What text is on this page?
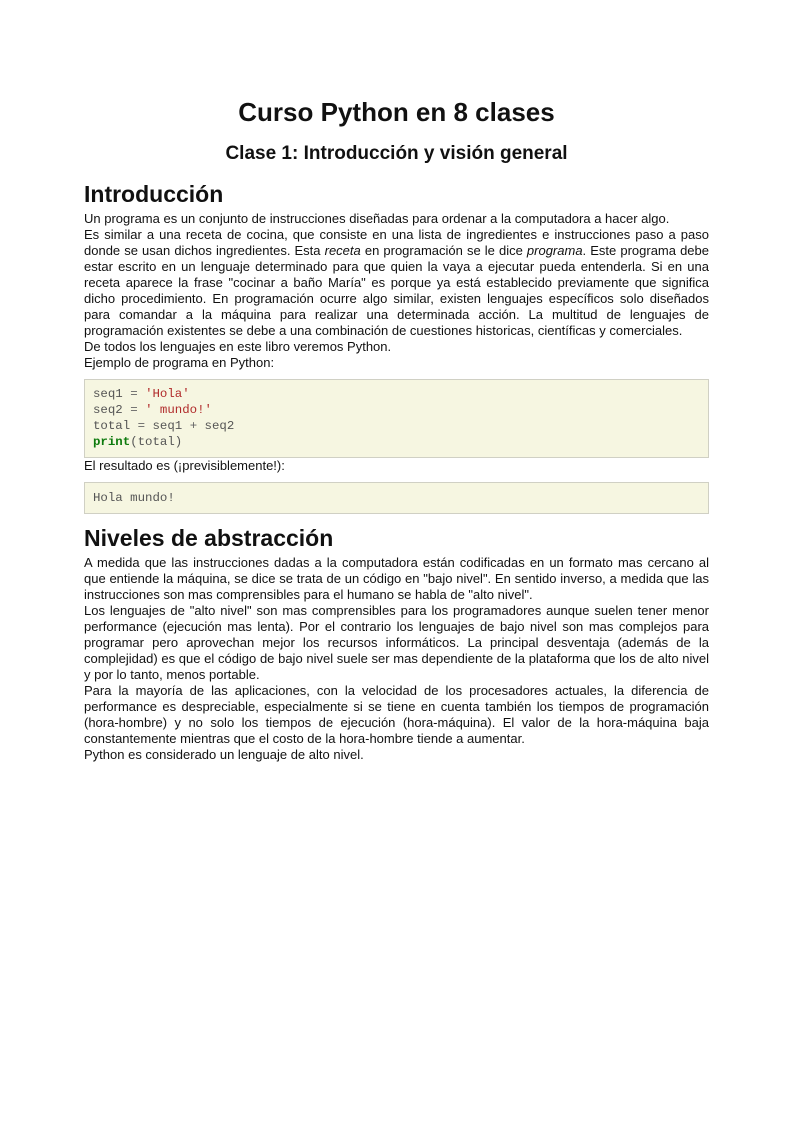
Curso Python en 8 clases
Clase 1: Introducción y visión general
Introducción

Un programa es un conjunto de instrucciones diseñadas para ordenar a la computadora a hacer algo.

Es similar a una receta de cocina, que consiste en una lista de ingredientes e instrucciones paso a paso donde se usan dichos ingredientes. Esta receta en programación se le dice programa. Este programa debe estar escrito en un lenguaje determinado para que quien la vaya a ejecutar pueda entenderla. Si en una receta aparece la frase "cocinar a baño María" es porque ya está establecido previamente que significa dicho procedimiento. En programación ocurre algo similar, existen lenguajes específicos solo diseñados para comandar a la máquina para realizar una determinada acción. La multitud de lenguajes de programación existentes se debe a una combinación de cuestiones historicas, científicas y comerciales.

De todos los lenguajes en este libro veremos Python.

Ejemplo de programa en Python:

seq1 = 'Hola'
seq2 = ' mundo!'
total = seq1 + seq2
print(total)

El resultado es (¡previsiblemente!):

Hola mundo!
Niveles de abstracción

A medida que las instrucciones dadas a la computadora están codificadas en un formato mas cercano al que entiende la máquina, se dice se trata de un código en "bajo nivel". En sentido inverso, a medida que las instrucciones son mas comprensibles para el humano se habla de "alto nivel".

Los lenguajes de "alto nivel" son mas comprensibles para los programadores aunque suelen tener menor performance (ejecución mas lenta). Por el contrario los lenguajes de bajo nivel son mas complejos para programar pero aprovechan mejor los recursos informáticos. La principal desventaja (además de la complejidad) es que el código de bajo nivel suele ser mas dependiente de la plataforma que los de alto nivel y por lo tanto, menos portable.

Para la mayoría de las aplicaciones, con la velocidad de los procesadores actuales, la diferencia de performance es despreciable, especialmente si se tiene en cuenta también los tiempos de programación (hora-hombre) y no solo los tiempos de ejecución (hora-máquina). El valor de la hora-máquina baja constantemente mientras que el costo de la hora-hombre tiende a aumentar.

Python es considerado un lenguaje de alto nivel.
